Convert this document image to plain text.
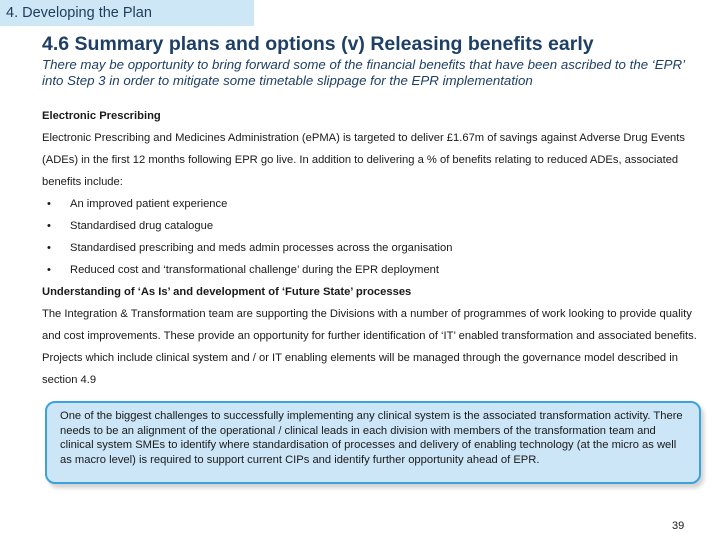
4. Developing the Plan
4.6 Summary plans and options (v) Releasing benefits early
There may be opportunity to bring forward some of the financial benefits that have been ascribed to the ‘EPR’ into Step 3 in order to mitigate some timetable slippage for the EPR implementation

Electronic Prescribing

Electronic Prescribing and Medicines Administration (ePMA) is targeted to deliver £1.67m of savings against Adverse Drug Events (ADEs) in the first 12 months following EPR go live. In addition to delivering a % of benefits relating to reduced ADEs, associated benefits include:

• An improved patient experience
• Standardised drug catalogue
• Standardised prescribing and meds admin processes across the organisation
• Reduced cost and ‘transformational challenge’ during the EPR deployment

Understanding of ‘As Is’ and development of ‘Future State’ processes

The Integration & Transformation team are supporting the Divisions with a number of programmes of work looking to provide quality and cost improvements. These provide an opportunity for further identification of ‘IT’ enabled transformation and associated benefits. Projects which include clinical system and / or IT enabling elements will be managed through the governance model described in section 4.9

One of the biggest challenges to successfully implementing any clinical system is the associated transformation activity. There needs to be an alignment of the operational / clinical leads in each division with members of the transformation team and clinical system SMEs to identify where standardisation of processes and delivery of enabling technology (at the micro as well as macro level) is required to support current CIPs and identify further opportunity ahead of EPR.
39
